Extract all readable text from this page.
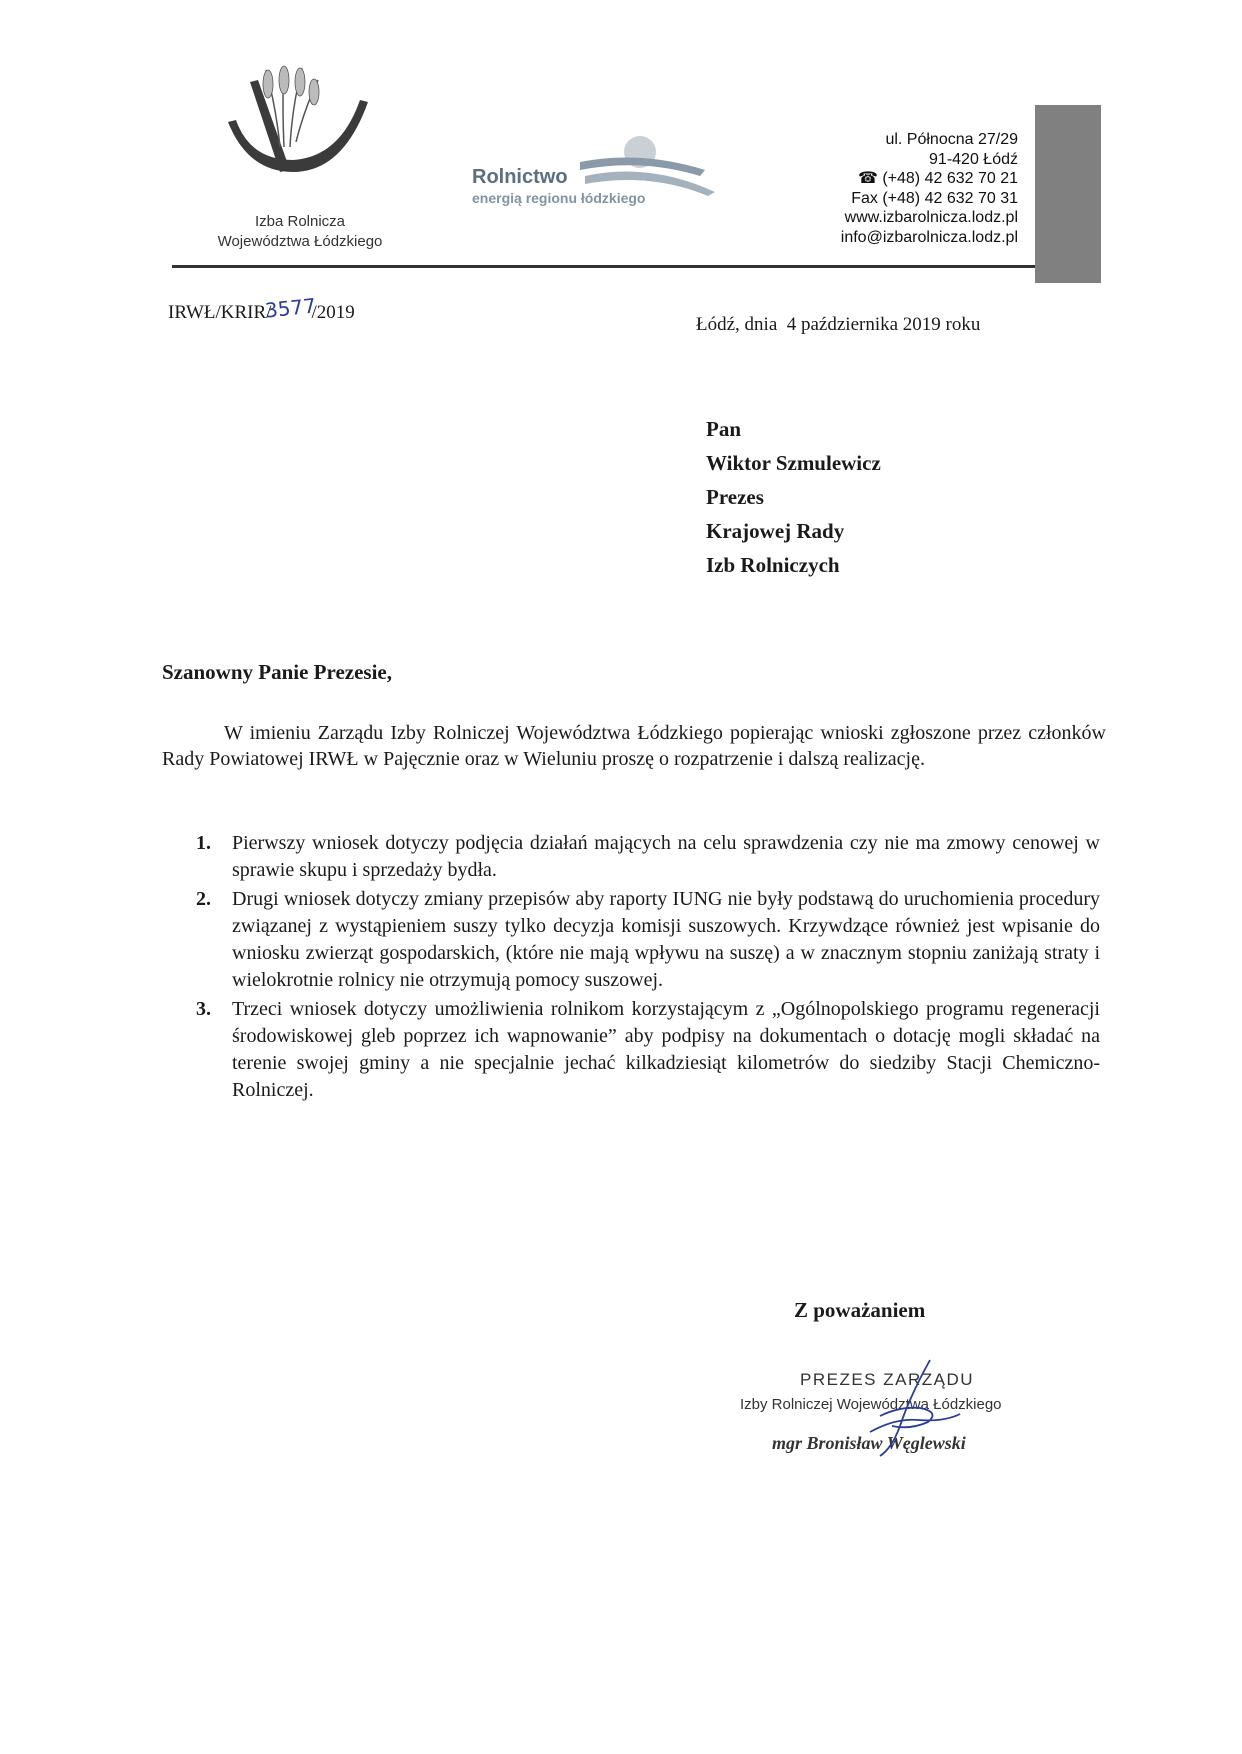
Izba Rolnicza
Województwa Łódzkiego
Rolnictwo
energią regionu łódzkiego
ul. Północna 27/29
91-420 Łódź
☎ (+48) 42 632 70 21
Fax (+48) 42 632 70 31
www.izbarolnicza.lodz.pl
info@izbarolnicza.lodz.pl
IRWŁ/KRIR/
3577
/2019
Łódź, dnia  4 października 2019 roku
Pan
Wiktor Szmulewicz
Prezes
Krajowej Rady
Izb Rolniczych
Szanowny Panie Prezesie,
W imieniu Zarządu Izby Rolniczej Województwa Łódzkiego popierając wnioski zgłoszone przez członków Rady Powiatowej IRWŁ w Pajęcznie oraz w Wieluniu proszę o rozpatrzenie i dalszą realizację.
1. Pierwszy wniosek dotyczy podjęcia działań mających na celu sprawdzenia czy nie ma zmowy cenowej w sprawie skupu i sprzedaży bydła.
2. Drugi wniosek dotyczy zmiany przepisów aby raporty IUNG nie były podstawą do uruchomienia procedury związanej z wystąpieniem suszy tylko decyzja komisji suszowych. Krzywdzące również jest wpisanie do wniosku zwierząt gospodarskich, (które nie mają wpływu na suszę) a w znacznym stopniu zaniżają straty i wielokrotnie rolnicy nie otrzymują pomocy suszowej.
3. Trzeci wniosek dotyczy umożliwienia rolnikom korzystającym z „Ogólnopolskiego programu regeneracji środowiskowej gleb poprzez ich wapnowanie” aby podpisy na dokumentach o dotację mogli składać na terenie swojej gminy a nie specjalnie jechać kilkadziesiąt kilometrów do siedziby Stacji Chemiczno-Rolniczej.
Z poważaniem
PREZES ZARZĄDU
Izby Rolniczej Województwa Łódzkiego
mgr Bronisław Węglewski
